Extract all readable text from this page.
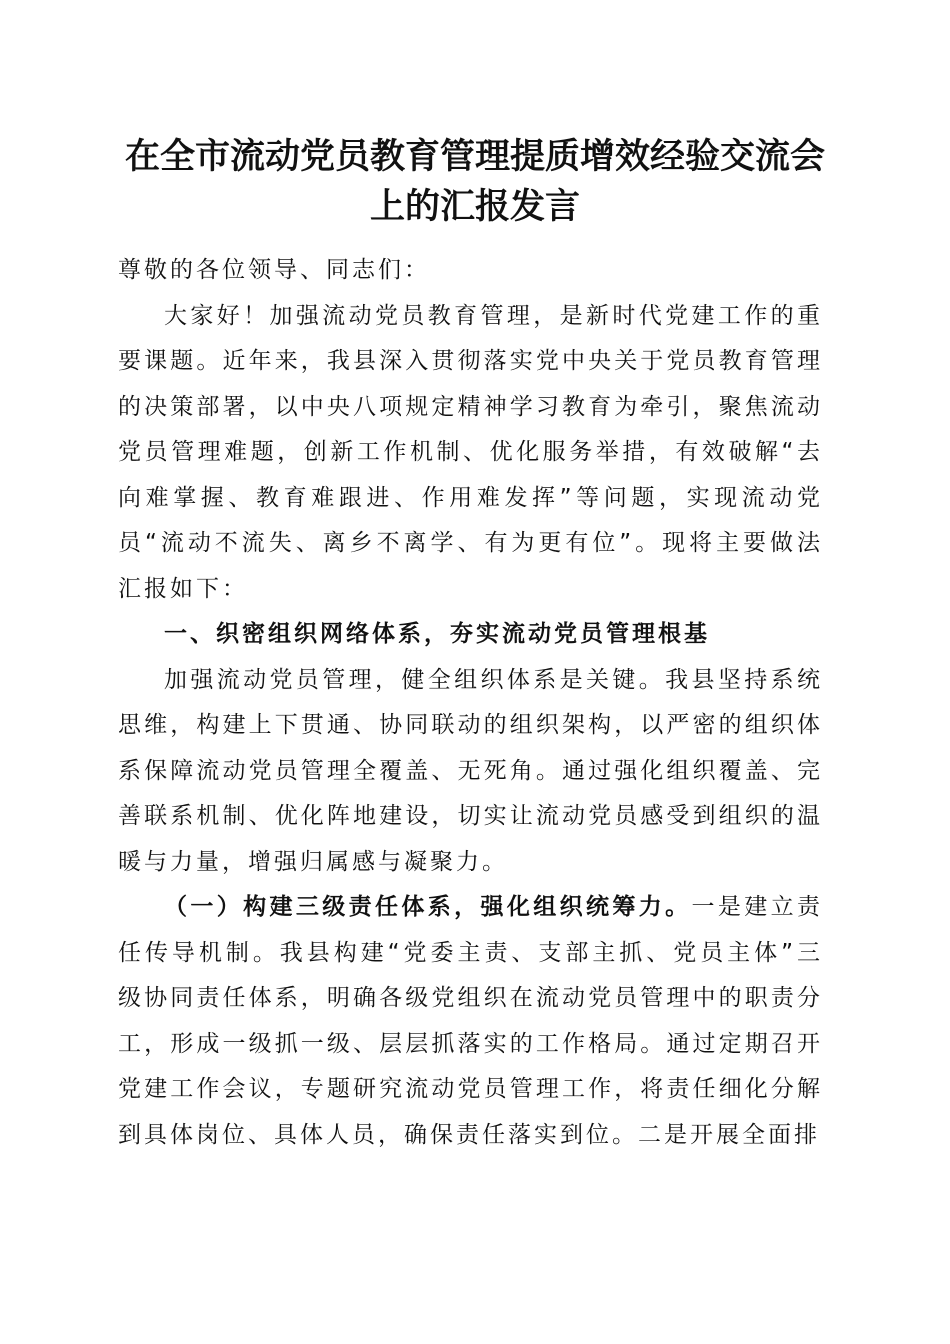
在全市流动党员教育管理提质增效经验交流会
上的汇报发言

尊敬的各位领导、同志们：

大家好！加强流动党员教育管理，是新时代党建工作的重要课题。近年来，我县深入贯彻落实党中央关于党员教育管理的决策部署，以中央八项规定精神学习教育为牵引，聚焦流动党员管理难题，创新工作机制、优化服务举措，有效破解“去向难掌握、教育难跟进、作用难发挥”等问题，实现流动党员“流动不流失、离乡不离学、有为更有位”。现将主要做法汇报如下：

一、织密组织网络体系，夯实流动党员管理根基

加强流动党员管理，健全组织体系是关键。我县坚持系统思维，构建上下贯通、协同联动的组织架构，以严密的组织体系保障流动党员管理全覆盖、无死角。通过强化组织覆盖、完善联系机制、优化阵地建设，切实让流动党员感受到组织的温暖与力量，增强归属感与凝聚力。

（一）构建三级责任体系，强化组织统筹力。一是建立责任传导机制。我县构建“党委主责、支部主抓、党员主体”三级协同责任体系，明确各级党组织在流动党员管理中的职责分工，形成一级抓一级、层层抓落实的工作格局。通过定期召开党建工作会议，专题研究流动党员管理工作，将责任细化分解到具体岗位、具体人员，确保责任落实到位。二是开展全面排
